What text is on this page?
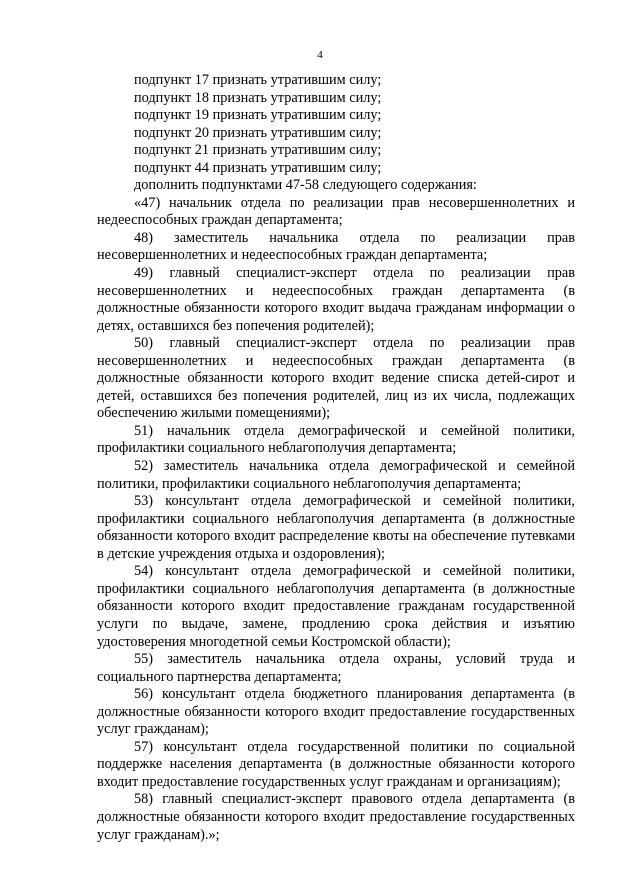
4

подпункт 17 признать утратившим силу;

подпункт 18 признать утратившим силу;

подпункт 19 признать утратившим силу;

подпункт 20 признать утратившим силу;

подпункт 21 признать утратившим силу;

подпункт 44 признать утратившим силу;

дополнить подпунктами 47-58 следующего содержания:

«47) начальник отдела по реализации прав несовершеннолетних и недееспособных граждан департамента;

48) заместитель начальника отдела по реализации прав несовершеннолетних и недееспособных граждан департамента;

49) главный специалист-эксперт отдела по реализации прав несовершеннолетних и недееспособных граждан департамента (в должностные обязанности которого входит выдача гражданам информации о детях, оставшихся без попечения родителей);

50) главный специалист-эксперт отдела по реализации прав несовершеннолетних и недееспособных граждан департамента (в должностные обязанности которого входит ведение списка детей-сирот и детей, оставшихся без попечения родителей, лиц из их числа, подлежащих обеспечению жилыми помещениями);

51) начальник отдела демографической и семейной политики, профилактики социального неблагополучия департамента;

52) заместитель начальника отдела демографической и семейной политики, профилактики социального неблагополучия департамента;

53) консультант отдела демографической и семейной политики, профилактики социального неблагополучия департамента (в должностные обязанности которого входит распределение квоты на обеспечение путевками в детские учреждения отдыха и оздоровления);

54) консультант отдела демографической и семейной политики, профилактики социального неблагополучия департамента (в должностные обязанности которого входит предоставление гражданам государственной услуги по выдаче, замене, продлению срока действия и изъятию удостоверения многодетной семьи Костромской области);

55) заместитель начальника отдела охраны, условий труда и социального партнерства департамента;

56) консультант отдела бюджетного планирования департамента (в должностные обязанности которого входит предоставление государственных услуг гражданам);

57) консультант отдела государственной политики по социальной поддержке населения департамента (в должностные обязанности которого входит предоставление государственных услуг гражданам и организациям);

58) главный специалист-эксперт правового отдела департамента (в должностные обязанности которого входит предоставление государственных услуг гражданам).»;
